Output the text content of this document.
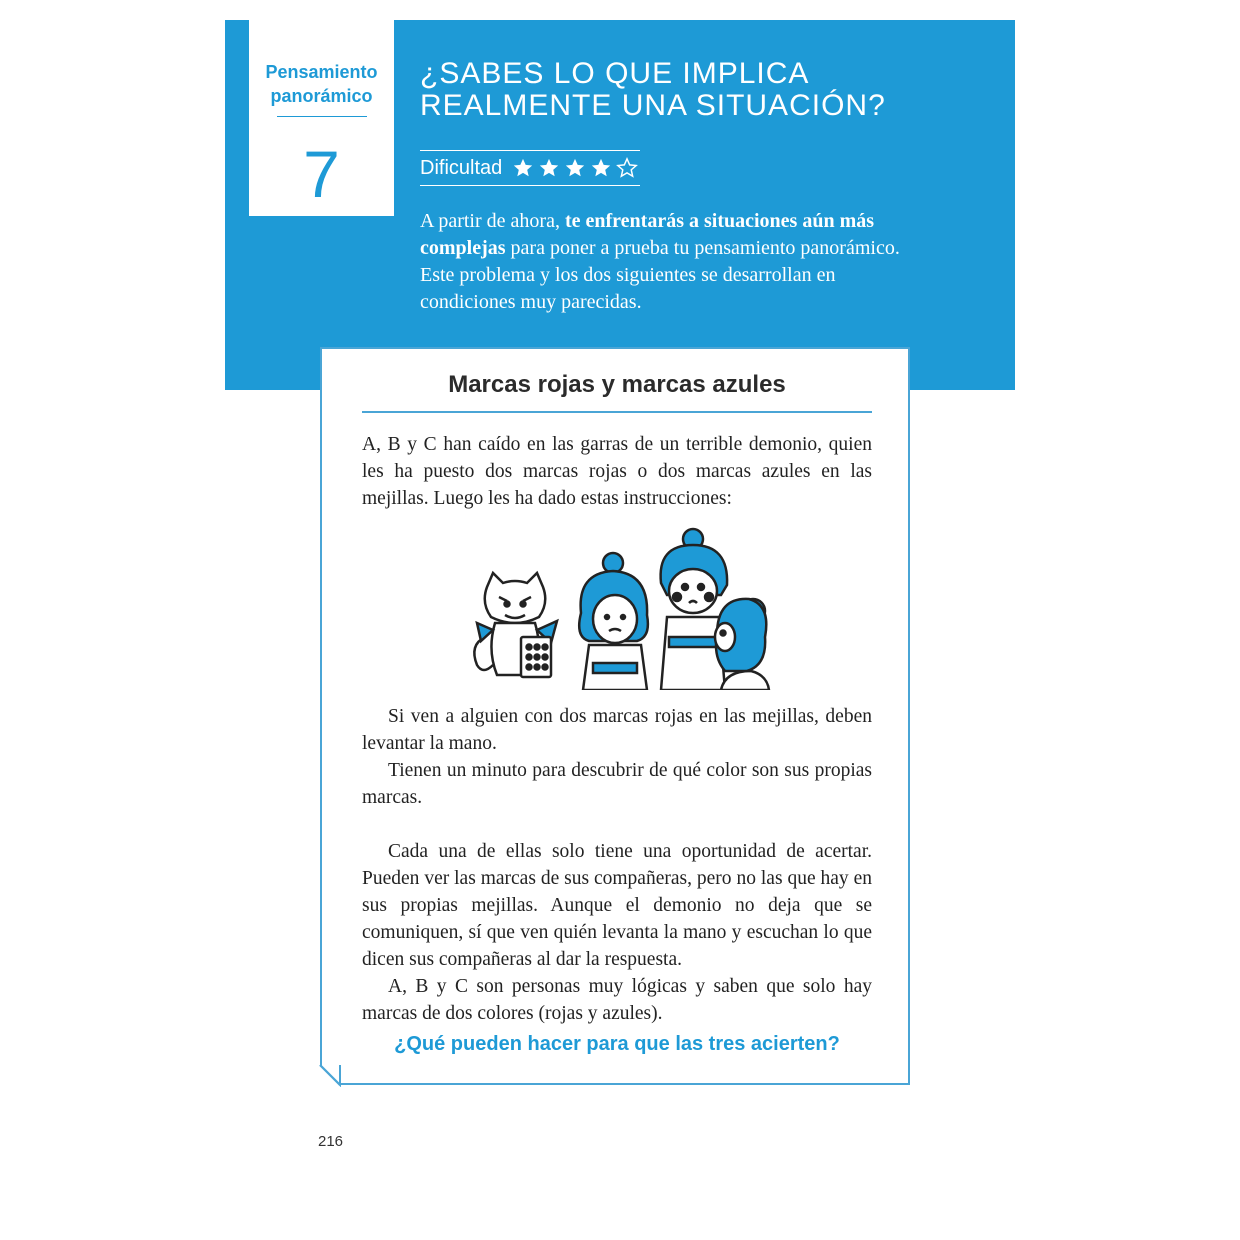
Pensamiento
panorámico
7
¿SABES LO QUE IMPLICA
REALMENTE UNA SITUACIÓN?
Dificultad
A partir de ahora, te enfrentarás a situaciones aún más complejas para poner a prueba tu pensamiento panorámico. Este problema y los dos siguientes se desarrollan en condiciones muy parecidas.
Marcas rojas y marcas azules

A, B y C han caído en las garras de un terrible demonio, quien les ha puesto dos marcas rojas o dos marcas azules en las mejillas. Luego les ha dado estas instrucciones:

Si ven a alguien con dos marcas rojas en las mejillas, deben levantar la mano.

Tienen un minuto para descubrir de qué color son sus propias marcas.

Cada una de ellas solo tiene una oportunidad de acertar. Pueden ver las marcas de sus compañeras, pero no las que hay en sus propias mejillas. Aunque el demonio no deja que se comuniquen, sí que ven quién levanta la mano y escuchan lo que dicen sus compañeras al dar la respuesta.

A, B y C son personas muy lógicas y saben que solo hay marcas de dos colores (rojas y azules).

¿Qué pueden hacer para que las tres acierten?
216
